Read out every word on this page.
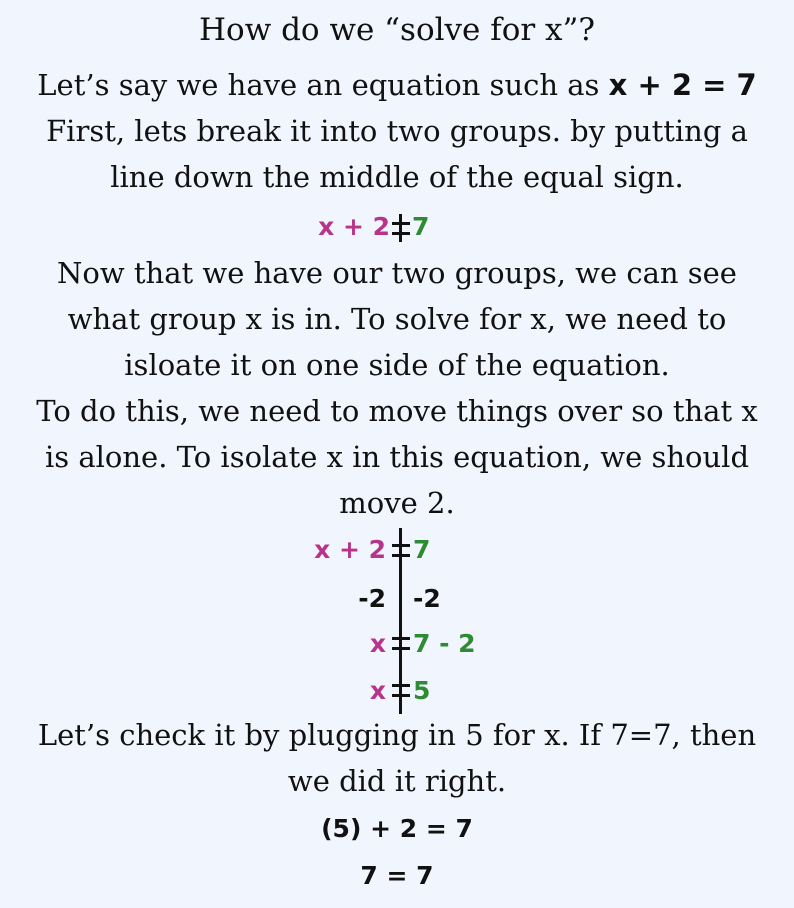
How do we “solve for x”?

Let’s say we have an equation such as x + 2 = 7

First, lets break it into two groups. by putting a

line down the middle of the equal sign.

x + 2 7

Now that we have our two groups, we can see

what group x is in. To solve for x, we need to

isloate it on one side of the equation.

To do this, we need to move things over so that x

is alone. To isolate x in this equation, we should

move 2.

x + 2 7
-2 -2
x 7 - 2
x 5

Let’s check it by plugging in 5 for x. If 7=7, then

we did it right.

(5) + 2 = 7
7 = 7
